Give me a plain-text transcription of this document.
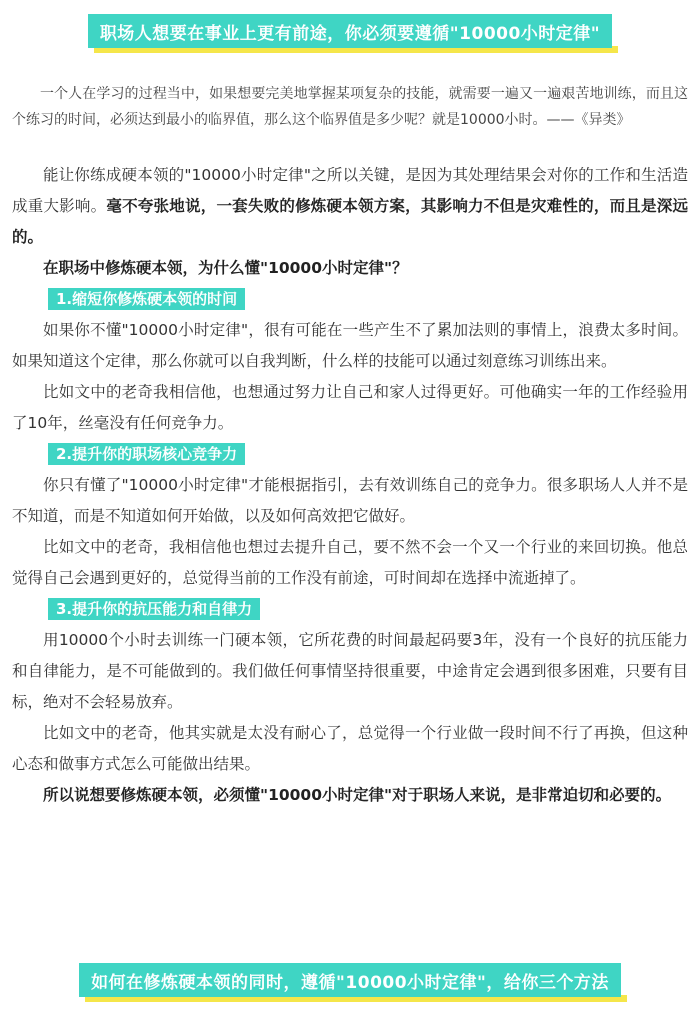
职场人想要在事业上更有前途，你必须要遵循"10000小时定律"
一个人在学习的过程当中，如果想要完美地掌握某项复杂的技能，就需要一遍又一遍艰苦地训练，而且这个练习的时间，必须达到最小的临界值，那么这个临界值是多少呢？就是10000小时。——《异类》

能让你练成硬本领的"10000小时定律"之所以关键，是因为其处理结果会对你的工作和生活造成重大影响。毫不夸张地说，一套失败的修炼硬本领方案，其影响力不但是灾难性的，而且是深远的。

在职场中修炼硬本领，为什么懂"10000小时定律"？

1.缩短你修炼硬本领的时间

如果你不懂"10000小时定律"，很有可能在一些产生不了累加法则的事情上，浪费太多时间。如果知道这个定律，那么你就可以自我判断，什么样的技能可以通过刻意练习训练出来。

比如文中的老奇我相信他，也想通过努力让自己和家人过得更好。可他确实一年的工作经验用了10年，丝毫没有任何竞争力。

2.提升你的职场核心竞争力

你只有懂了"10000小时定律"才能根据指引，去有效训练自己的竞争力。很多职场人人并不是不知道，而是不知道如何开始做，以及如何高效把它做好。

比如文中的老奇，我相信他也想过去提升自己，要不然不会一个又一个行业的来回切换。他总觉得自己会遇到更好的，总觉得当前的工作没有前途，可时间却在选择中流逝掉了。

3.提升你的抗压能力和自律力

用10000个小时去训练一门硬本领，它所花费的时间最起码要3年，没有一个良好的抗压能力和自律能力，是不可能做到的。我们做任何事情坚持很重要，中途肯定会遇到很多困难，只要有目标，绝对不会轻易放弃。

比如文中的老奇，他其实就是太没有耐心了，总觉得一个行业做一段时间不行了再换，但这种心态和做事方式怎么可能做出结果。

所以说想要修炼硬本领，必须懂"10000小时定律"对于职场人来说，是非常迫切和必要的。

如何在修炼硬本领的同时，遵循"10000小时定律"，给你三个方法
